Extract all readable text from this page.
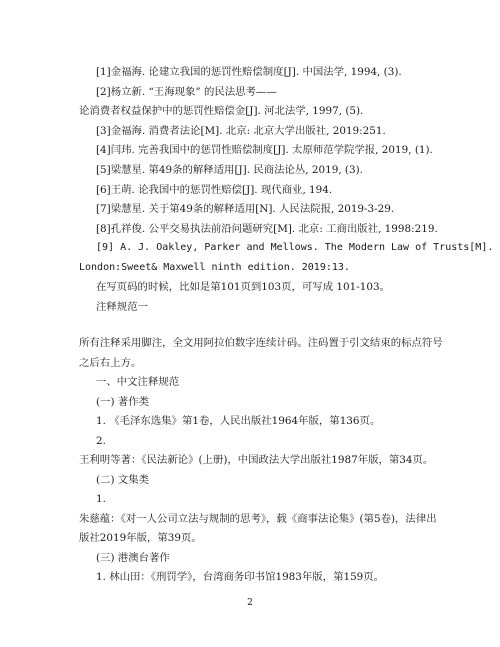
[1]金福海. 论建立我国的惩罚性赔偿制度[J]. 中国法学, 1994, (3).
[2]杨立新. “王海现象” 的民法思考——
论消费者权益保护中的惩罚性赔偿金[J]. 河北法学, 1997, (5).
[3]金福海. 消费者法论[M]. 北京: 北京大学出版社, 2019:251.
[4]闫玮. 完善我国中的惩罚性赔偿制度[J]. 太原师范学院学报, 2019, (1).
[5]梁慧星. 第49条的解释适用[J]. 民商法论丛, 2019, (3).
[6]王萌. 论我国中的惩罚性赔偿[J]. 现代商业, 194.
[7]梁慧星. 关于第49条的解释适用[N]. 人民法院报, 2019-3-29.
[8]孔祥俊. 公平交易执法前沿问题研究[M]. 北京: 工商出版社, 1998:219.
[9] A. J. Oakley, Parker and Mellows. The Modern Law of Trusts[M].
London:Sweet& Maxwell ninth edition. 2019:13.
在写页码的时候，比如是第101页到103页，可写成 101-103。
注释规范一
所有注释采用脚注，全文用阿拉伯数字连续计码。注码置于引文结束的标点符号
之后右上方。
一、中文注释规范
(一) 著作类
1. 《毛泽东选集》第1卷，人民出版社1964年版，第136页。
2.
王利明等著：《民法新论》(上册)，中国政法大学出版社1987年版，第34页。
(二) 文集类
1.
朱慈蕴：《对一人公司立法与规制的思考》，载《商事法论集》(第5卷)，法律出
版社2019年版，第39页。
(三) 港澳台著作
1. 林山田：《刑罚学》，台湾商务印书馆1983年版，第159页。
2
